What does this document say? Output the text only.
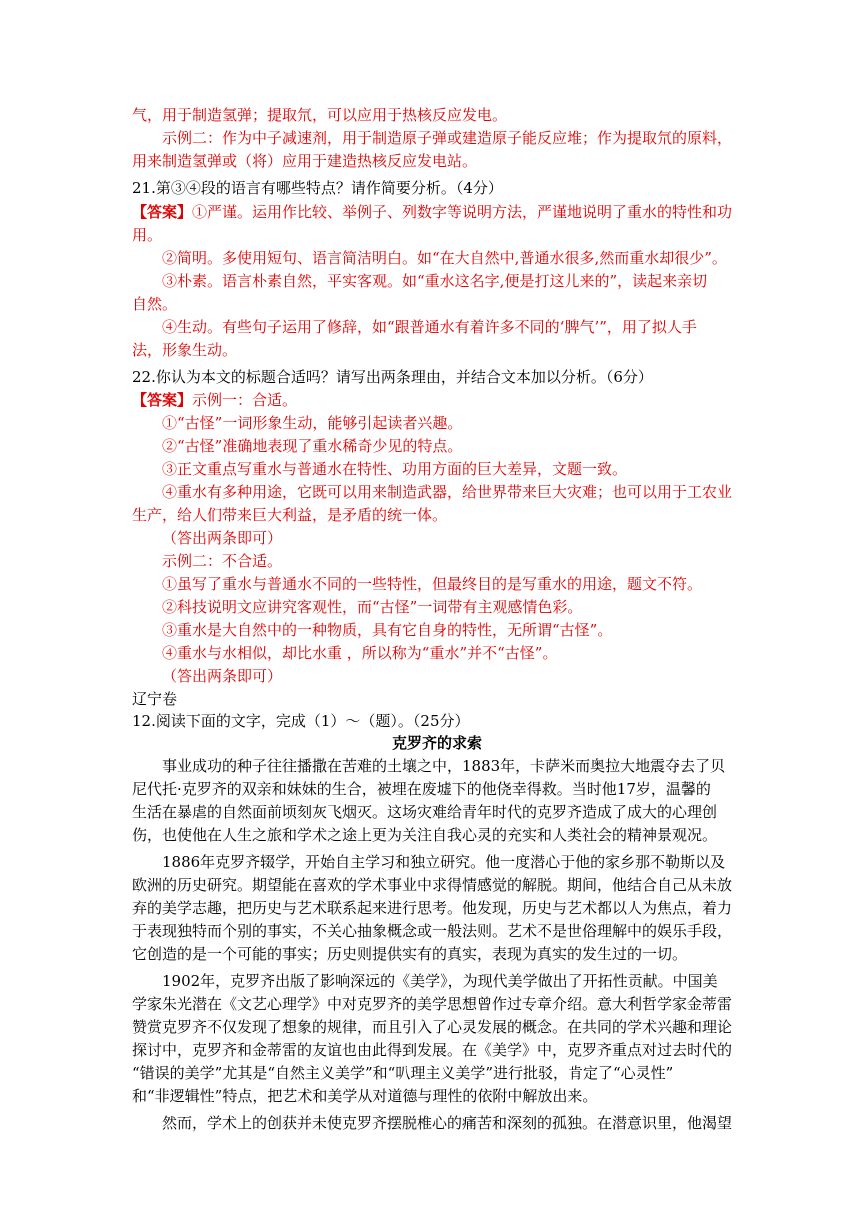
气，用于制造氢弹；提取氘，可以应用于热核反应发电。
示例二：作为中子减速剂，用于制造原子弹或建造原子能反应堆；作为提取氘的原料，
用来制造氢弹或（将）应用于建造热核反应发电站。
21.第③④段的语言有哪些特点？请作简要分析。（4分）
【答案】①严谨。运用作比较、举例子、列数字等说明方法，严谨地说明了重水的特性和功
用。
②简明。多使用短句、语言简洁明白。如“在大自然中,普通水很多,然而重水却很少”。
③朴素。语言朴素自然，平实客观。如“重水这名字,便是打这儿来的”，读起来亲切
自然。
④生动。有些句子运用了修辞，如“跟普通水有着许多不同的‘脾气’”，用了拟人手
法，形象生动。
22.你认为本文的标题合适吗？请写出两条理由，并结合文本加以分析。（6分）
【答案】示例一：合适。
①“古怪”一词形象生动，能够引起读者兴趣。
②“古怪”准确地表现了重水稀奇少见的特点。
③正文重点写重水与普通水在特性、功用方面的巨大差异，文题一致。
④重水有多种用途，它既可以用来制造武器，给世界带来巨大灾难；也可以用于工农业
生产，给人们带来巨大利益，是矛盾的统一体。
（答出两条即可）
示例二：不合适。
①虽写了重水与普通水不同的一些特性，但最终目的是写重水的用途，题文不符。
②科技说明文应讲究客观性，而“古怪”一词带有主观感情色彩。
③重水是大自然中的一种物质，具有它自身的特性，无所谓“古怪”。
④重水与水相似，却比水重 ，所以称为“重水”并不“古怪”。
（答出两条即可）
辽宁卷
12.阅读下面的文字，完成（1）～（题）。（25分）
克罗齐的求索
事业成功的种子往往播撒在苦难的土壤之中，1883年，卡萨米而奥拉大地震夺去了贝
尼代托·克罗齐的双亲和妹妹的生合，被埋在废墟下的他侥幸得救。当时他17岁，温馨的
生活在暴虐的自然面前顷刻灰飞烟灭。这场灾难给青年时代的克罗齐造成了成大的心理创
伤，也使他在人生之旅和学术之途上更为关注自我心灵的充实和人类社会的精神景观况。
1886年克罗齐辍学，开始自主学习和独立研究。他一度潜心于他的家乡那不勒斯以及
欧洲的历史研究。期望能在喜欢的学术事业中求得情感觉的解脱。期间，他结合自己从未放
弃的美学志趣，把历史与艺术联系起来进行思考。他发现，历史与艺术都以人为焦点，着力
于表现独特而个别的事实，不关心抽象概念或一般法则。艺术不是世俗理解中的娱乐手段，
它创造的是一个可能的事实；历史则提供实有的真实，表现为真实的发生过的一切。
1902年，克罗齐出版了影响深远的《美学》，为现代美学做出了开拓性贡献。中国美
学家朱光潜在《文艺心理学》中对克罗齐的美学思想曾作过专章介绍。意大利哲学家金蒂雷
赞赏克罗齐不仅发现了想象的规律，而且引入了心灵发展的概念。在共同的学术兴趣和理论
探讨中，克罗齐和金蒂雷的友谊也由此得到发展。在《美学》中，克罗齐重点对过去时代的
“错误的美学”尤其是“自然主义美学”和“叭理主义美学”进行批驳，肯定了“心灵性”
和“非逻辑性”特点，把艺术和美学从对道德与理性的依附中解放出来。
然而，学术上的创获并未使克罗齐摆脱椎心的痛苦和深刻的孤独。在潜意识里，他渴望
